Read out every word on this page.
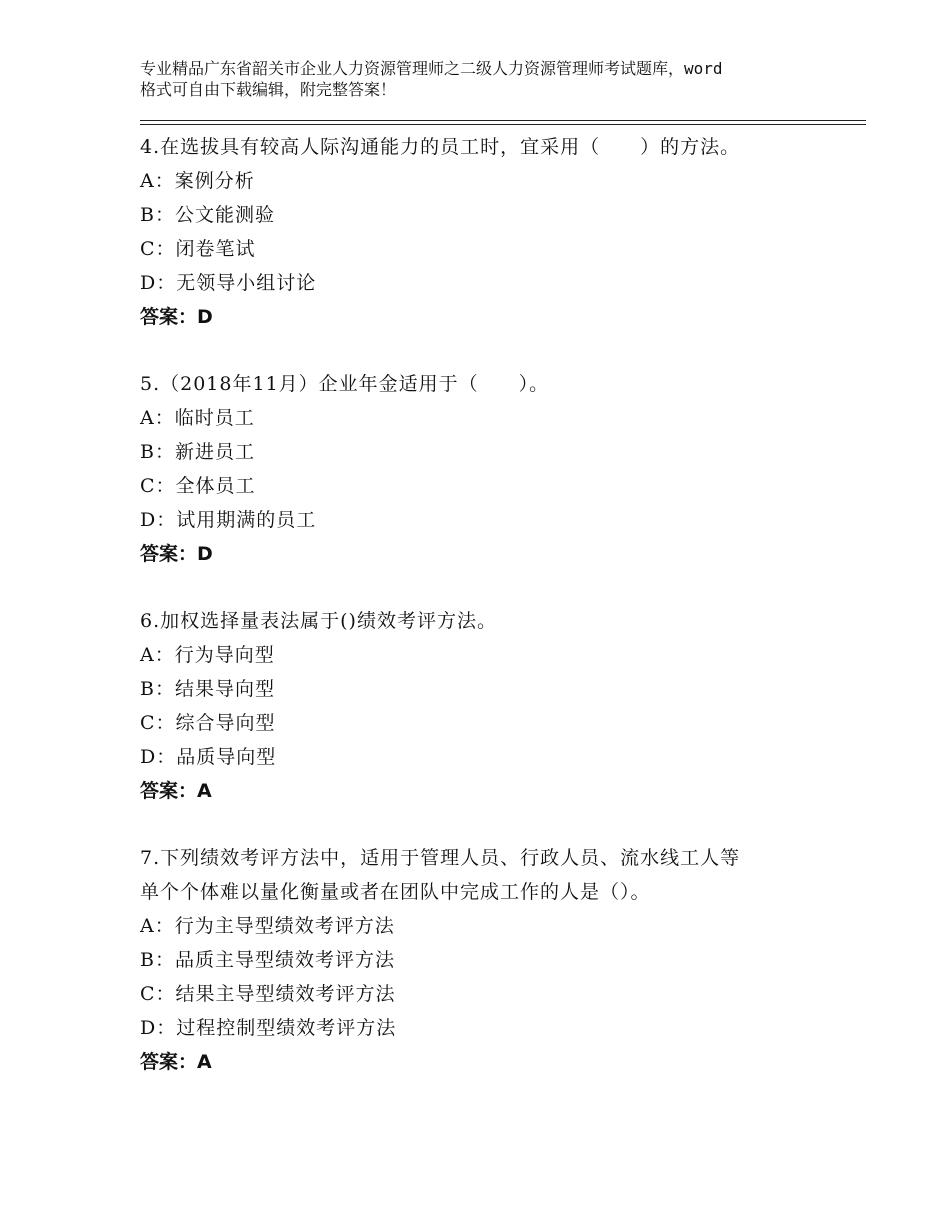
专业精品广东省韶关市企业人力资源管理师之二级人力资源管理师考试题库，word
格式可自由下载编辑，附完整答案！
4.在选拔具有较高人际沟通能力的员工时，宜采用（　　）的方法。
A：案例分析
B：公文能测验
C：闭卷笔试
D：无领导小组讨论
答案：D
5.（2018年11月）企业年金适用于（　　）。
A：临时员工
B：新进员工
C：全体员工
D：试用期满的员工
答案：D
6.加权选择量表法属于()绩效考评方法。
A：行为导向型
B：结果导向型
C：综合导向型
D：品质导向型
答案：A
7.下列绩效考评方法中，适用于管理人员、行政人员、流水线工人等
单个个体难以量化衡量或者在团队中完成工作的人是（）。
A：行为主导型绩效考评方法
B：品质主导型绩效考评方法
C：结果主导型绩效考评方法
D：过程控制型绩效考评方法
答案：A
